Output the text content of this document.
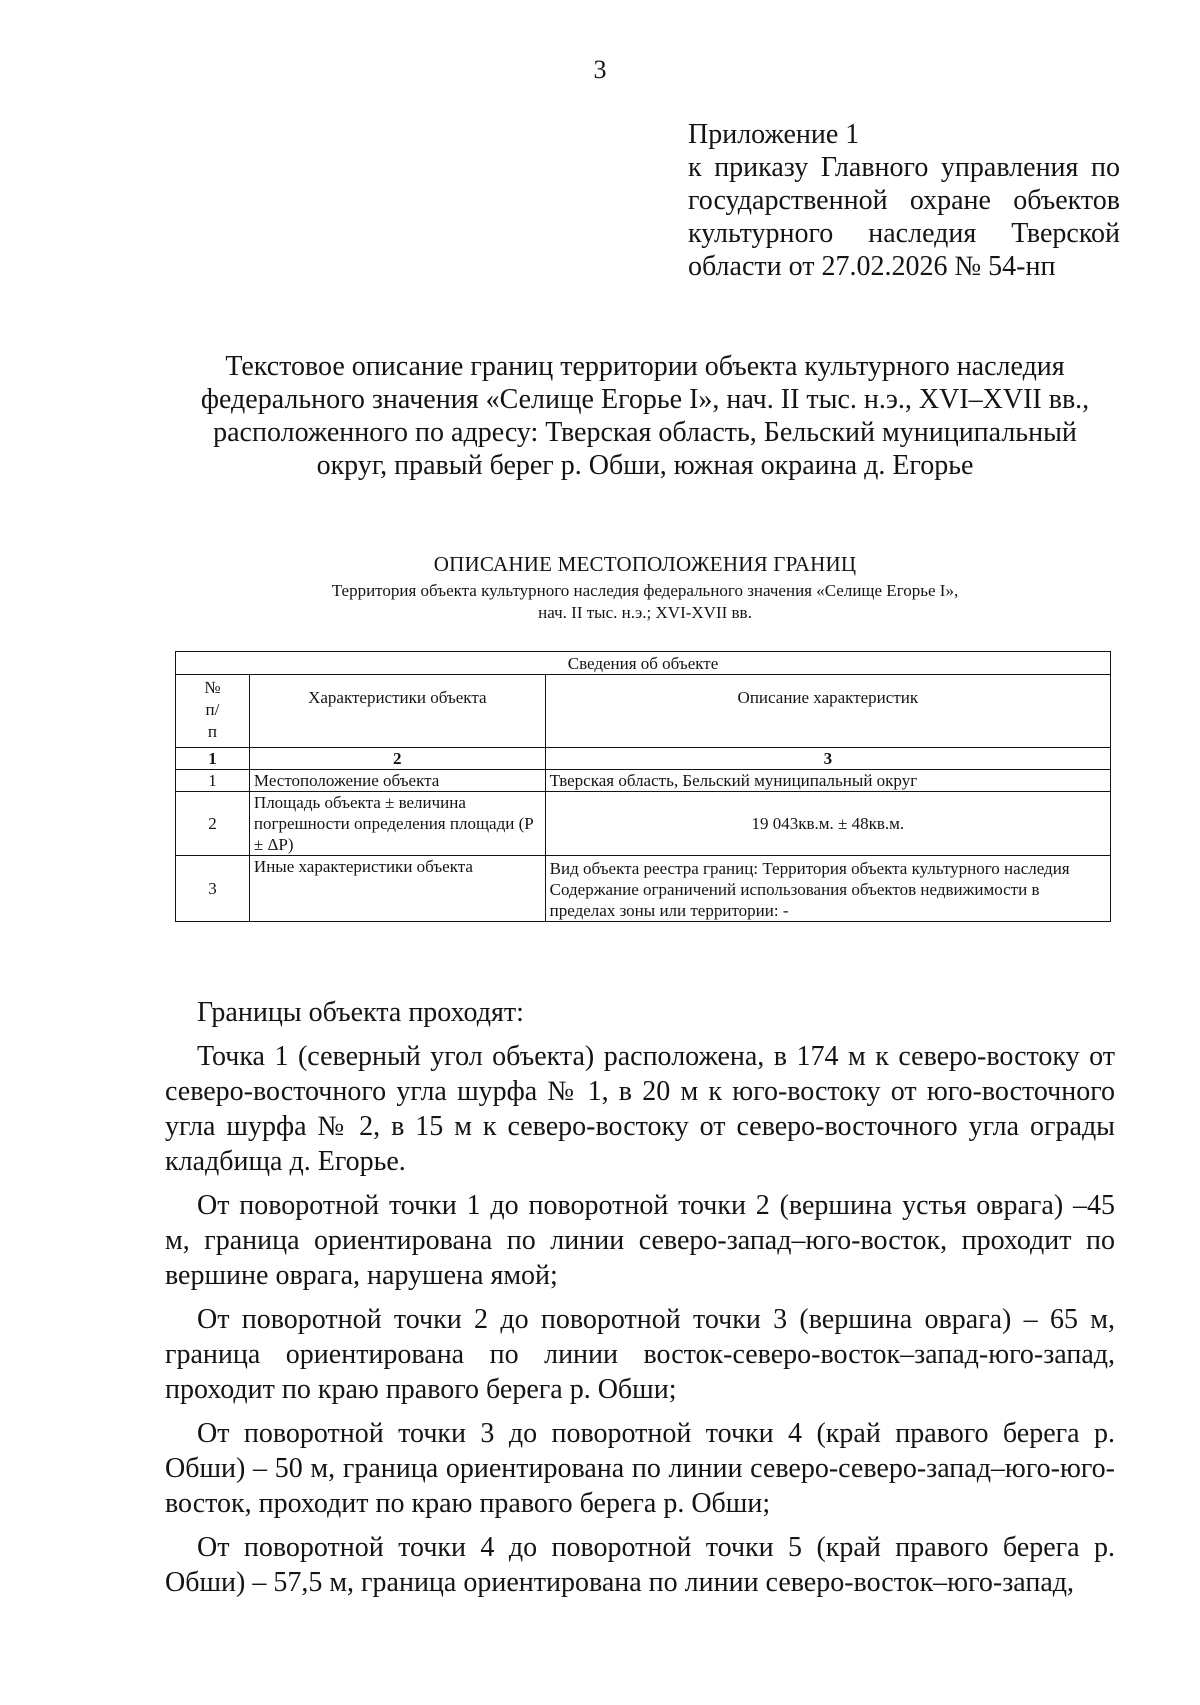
3
Приложение 1
к приказу Главного управления по
государственной охране объектов
культурного наследия Тверской
области от 27.02.2026 № 54-нп
Текстовое описание границ территории объекта культурного наследия
федерального значения «Селище Егорье I», нач. II тыс. н.э., XVI–XVII вв.,
расположенного по адресу: Тверская область, Бельский муниципальный
округ, правый берег р. Обши, южная окраина д. Егорье
ОПИСАНИЕ МЕСТОПОЛОЖЕНИЯ ГРАНИЦ
Территория объекта культурного наследия федерального значения «Селище Егорье I»,
нач. II тыс. н.э.; XVI-XVII вв.
Сведения об объекте		
№
п/
п	Характеристики объекта	Описание характеристик
1	2	3
1	Местоположение объекта	Тверская область, Бельский муниципальный округ
2	Площадь объекта ± величина погрешности определения площади (Р ± ΔР)	19 043кв.м. ± 48кв.м.
3	Иные характеристики объекта	Вид объекта реестра границ: Территория объекта культурного наследия
Содержание ограничений использования объектов недвижимости в пределах зоны или территории: -

Границы объекта проходят:

Точка 1 (северный угол объекта) расположена, в 174 м к северо-востоку от северо-восточного угла шурфа № 1, в 20 м к юго-востоку от юго-восточного угла шурфа № 2, в 15 м к северо-востоку от северо-восточного угла ограды кладбища д. Егорье.

От поворотной точки 1 до поворотной точки 2 (вершина устья оврага) –45 м, граница ориентирована по линии северо-запад–юго-восток, проходит по вершине оврага, нарушена ямой;

От поворотной точки 2 до поворотной точки 3 (вершина оврага) – 65 м, граница ориентирована по линии восток-северо-восток–запад-юго-запад, проходит по краю правого берега р. Обши;

От поворотной точки 3 до поворотной точки 4 (край правого берега р. Обши) – 50 м, граница ориентирована по линии северо-северо-запад–юго-юго-восток, проходит по краю правого берега р. Обши;

От поворотной точки 4 до поворотной точки 5 (край правого берега р. Обши) – 57,5 м, граница ориентирована по линии северо-восток–юго-запад,
